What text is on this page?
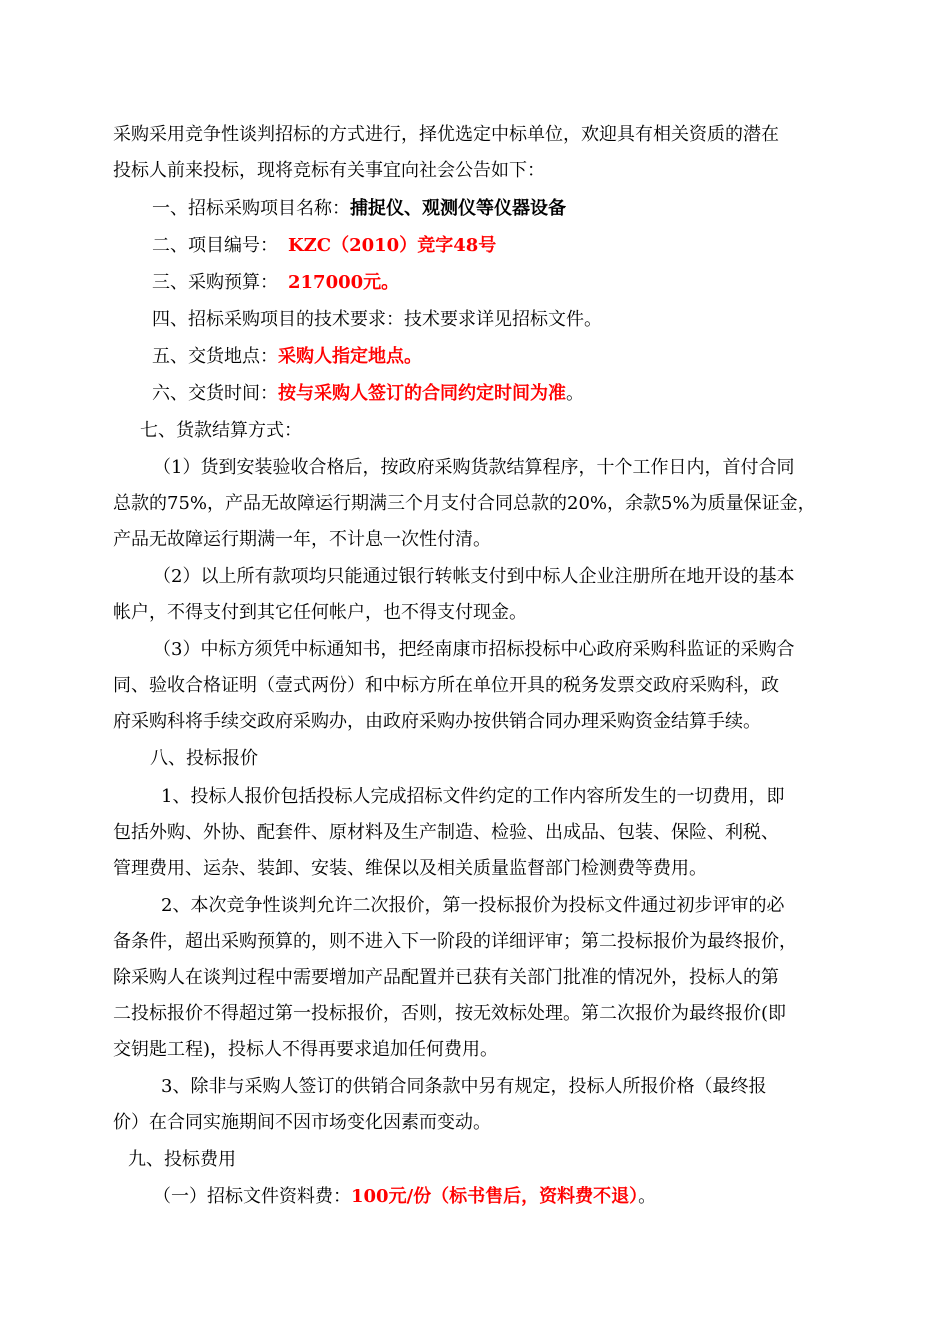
采购采用竞争性谈判招标的方式进行，择优选定中标单位，欢迎具有相关资质的潜在
投标人前来投标，现将竞标有关事宜向社会公告如下：
一、招标采购项目名称：捕捉仪、观测仪等仪器设备
二、项目编号： KZC（2010）竞字48号
三、采购预算： 217000元。
四、招标采购项目的技术要求：技术要求详见招标文件。
五、交货地点：采购人指定地点。
六、交货时间：按与采购人签订的合同约定时间为准。
七、货款结算方式：
（1）货到安装验收合格后，按政府采购货款结算程序，十个工作日内，首付合同
总款的75%，产品无故障运行期满三个月支付合同总款的20%，余款5%为质量保证金，
产品无故障运行期满一年，不计息一次性付清。
（2）以上所有款项均只能通过银行转帐支付到中标人企业注册所在地开设的基本
帐户，不得支付到其它任何帐户，也不得支付现金。
（3）中标方须凭中标通知书，把经南康市招标投标中心政府采购科监证的采购合
同、验收合格证明（壹式两份）和中标方所在单位开具的税务发票交政府采购科，政
府采购科将手续交政府采购办，由政府采购办按供销合同办理采购资金结算手续。
八、投标报价
1、投标人报价包括投标人完成招标文件约定的工作内容所发生的一切费用，即
包括外购、外协、配套件、原材料及生产制造、检验、出成品、包装、保险、利税、
管理费用、运杂、装卸、安装、维保以及相关质量监督部门检测费等费用。
2、本次竞争性谈判允许二次报价，第一投标报价为投标文件通过初步评审的必
备条件，超出采购预算的，则不进入下一阶段的详细评审；第二投标报价为最终报价，
除采购人在谈判过程中需要增加产品配置并已获有关部门批准的情况外，投标人的第
二投标报价不得超过第一投标报价，否则，按无效标处理。第二次报价为最终报价(即
交钥匙工程)，投标人不得再要求追加任何费用。
3、除非与采购人签订的供销合同条款中另有规定，投标人所报价格（最终报
价）在合同实施期间不因市场变化因素而变动。
九、投标费用
（一）招标文件资料费：100元/份（标书售后，资料费不退）。
